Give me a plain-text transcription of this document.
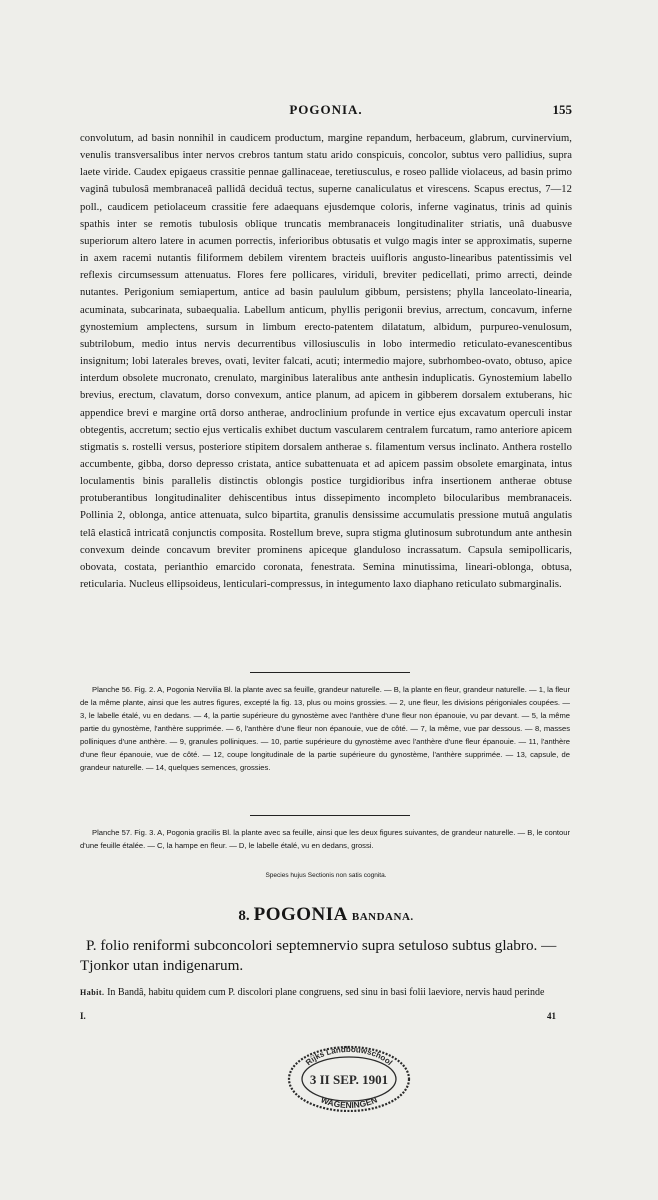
POGONIA.	155

convolutum, ad basin nonnihil in caudicem productum, margine repandum, herbaceum, glabrum, curvinervium, venulis transversalibus inter nervos crebros tantum statu arido conspicuis, concolor, subtus vero pallidius, supra laete viride. Caudex epigaeus crassitie pennae gallinaceae, teretiusculus, e roseo pallide violaceus, ad basin primo vaginâ tubulosâ membranaceâ pallidâ deciduâ tectus, superne canaliculatus et virescens. Scapus erectus, 7—12 poll., caudicem petiolaceum crassitie fere adaequans ejusdemque coloris, inferne vaginatus, trinis ad quinis spathis inter se remotis tubulosis oblique truncatis membranaceis longitudinaliter striatis, unâ duabusve superiorum altero latere in acumen porrectis, inferioribus obtusatis et vulgo magis inter se approximatis, superne in axem racemi nutantis filiformem debilem virentem bracteis uuifloris angusto-linearibus patentissimis vel reflexis circumsessum attenuatus. Flores fere pollicares, viriduli, breviter pedicellati, primo arrecti, deinde nutantes. Perigonium semiapertum, antice ad basin paululum gibbum, persistens; phylla lanceolato-linearia, acuminata, subcarinata, subaequalia. Labellum anticum, phyllis perigonii brevius, arrectum, concavum, inferne gynostemium amplectens, sursum in limbum erecto-patentem dilatatum, albidum, purpureo-venulosum, subtrilobum, medio intus nervis decurrentibus villosiusculis in lobo intermedio reticulato-evanescentibus insignitum; lobi laterales breves, ovati, leviter falcati, acuti; intermedio majore, subrhombeo-ovato, obtuso, apice interdum obsolete mucronato, crenulato, marginibus lateralibus ante anthesin induplicatis. Gynostemium labello brevius, erectum, clavatum, dorso convexum, antice planum, ad apicem in gibberem dorsalem extuberans, hic appendice brevi e margine ortâ dorso antherae, androclinium profunde in vertice ejus excavatum operculi instar obtegentis, accretum; sectio ejus verticalis exhibet ductum vascularem centralem furcatum, ramo anteriore apicem stigmatis s. rostelli versus, posteriore stipitem dorsalem antherae s. filamentum versus inclinato. Anthera rostello accumbente, gibba, dorso depresso cristata, antice subattenuata et ad apicem passim obsolete emarginata, intus loculamentis binis parallelis distinctis oblongis postice turgidioribus infra insertionem antherae obtuse protuberantibus longitudinaliter dehiscentibus intus dissepimento incompleto bilocularibus membranaceis. Pollinia 2, oblonga, antice attenuata, sulco bipartita, granulis densissime accumulatis pressione mutuâ angulatis telâ elasticâ intricatâ conjunctis composita. Rostellum breve, supra stigma glutinosum subrotundum ante anthesin convexum deinde concavum breviter prominens apiceque glanduloso incrassatum. Capsula semipollicaris, obovata, costata, perianthio emarcido coronata, fenestrata. Semina minutissima, lineari-oblonga, obtusa, reticularia. Nucleus ellipsoideus, lenticulari-compressus, in integumento laxo diaphano reticulato submarginalis.

Planche 56. Fig. 2. A, Pogonia Nervilia Bl. la plante avec sa feuille, grandeur naturelle. — B, la plante en fleur, grandeur naturelle. — 1, la fleur de la même plante, ainsi que les autres figures, excepté la fig. 13, plus ou moins grossies. — 2, une fleur, les divisions périgoniales coupées. — 3, le labelle étalé, vu en dedans. — 4, la partie supérieure du gynostème avec l'anthère d'une fleur non épanouie, vu par devant. — 5, la même partie du gynostème, l'anthère supprimée. — 6, l'anthère d'une fleur non épanouie, vue de côté. — 7, la même, vue par dessous. — 8, masses polliniques d'une anthère. — 9, granules polliniques. — 10, partie supérieure du gynostème avec l'anthère d'une fleur épanouie. — 11, l'anthère d'une fleur épanouie, vue de côté. — 12, coupe longitudinale de la partie supérieure du gynostème, l'anthère supprimée. — 13, capsule, de grandeur naturelle. — 14, quelques semences, grossies.

Planche 57. Fig. 3. A, Pogonia gracilis Bl. la plante avec sa feuille, ainsi que les deux figures suivantes, de grandeur naturelle. — B, le contour d'une feuille étalée. — C, la hampe en fleur. — D, le labelle étalé, vu en dedans, grossi.

Species hujus Sectionis non satis cognita.
8. POGONIA BANDANA.

P. folio reniformi subconcolori septemnervio supra setuloso subtus glabro. — Tjonkor utan indigenarum.

Habit. In Bandâ, habitu quidem cum P. discolori plane congruens, sed sinu in basi folii laeviore, nervis haud perinde

I.	41
Rijks Landbouwschool
3 II SEP. 1901
WAGENINGEN
